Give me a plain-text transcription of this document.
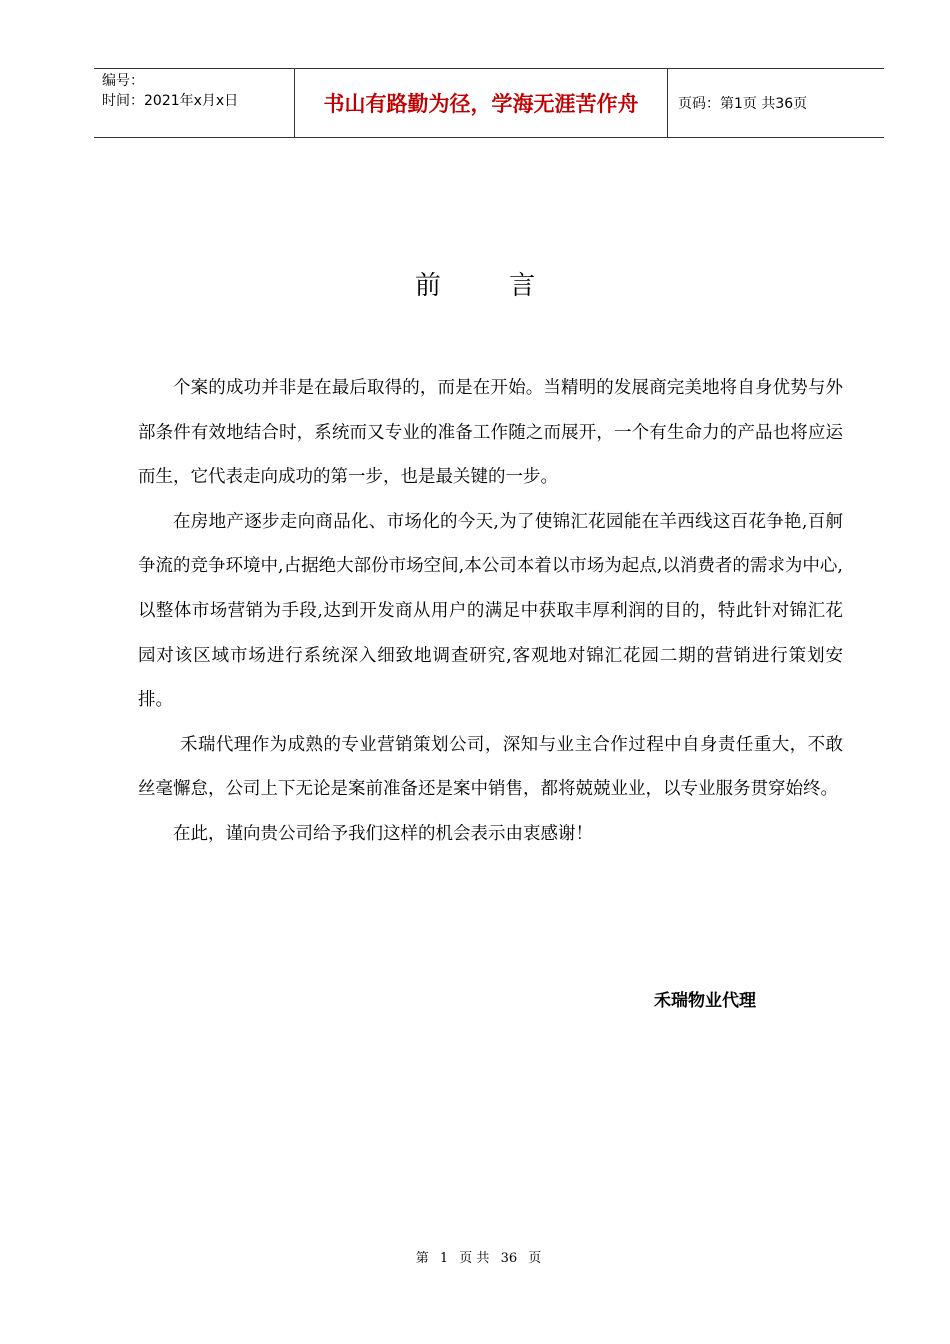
编号：
时间：2021年x月x日	书山有路勤为径，学海无涯苦作舟	页码：第1页 共36页
前 言

个案的成功并非是在最后取得的，而是在开始。当精明的发展商完美地将自身优势与外部条件有效地结合时，系统而又专业的准备工作随之而展开，一个有生命力的产品也将应运而生，它代表走向成功的第一步，也是最关键的一步。

在房地产逐步走向商品化、市场化的今天,为了使锦汇花园能在羊西线这百花争艳,百舸争流的竞争环境中,占据绝大部份市场空间,本公司本着以市场为起点,以消费者的需求为中心,以整体市场营销为手段,达到开发商从用户的满足中获取丰厚利润的目的，特此针对锦汇花园对该区域市场进行系统深入细致地调查研究,客观地对锦汇花园二期的营销进行策划安排。

禾瑞代理作为成熟的专业营销策划公司，深知与业主合作过程中自身责任重大，不敢丝毫懈怠，公司上下无论是案前准备还是案中销售，都将兢兢业业，以专业服务贯穿始终。

在此，谨向贵公司给予我们这样的机会表示由衷感谢！

禾瑞物业代理
第 1 页 共 36 页
